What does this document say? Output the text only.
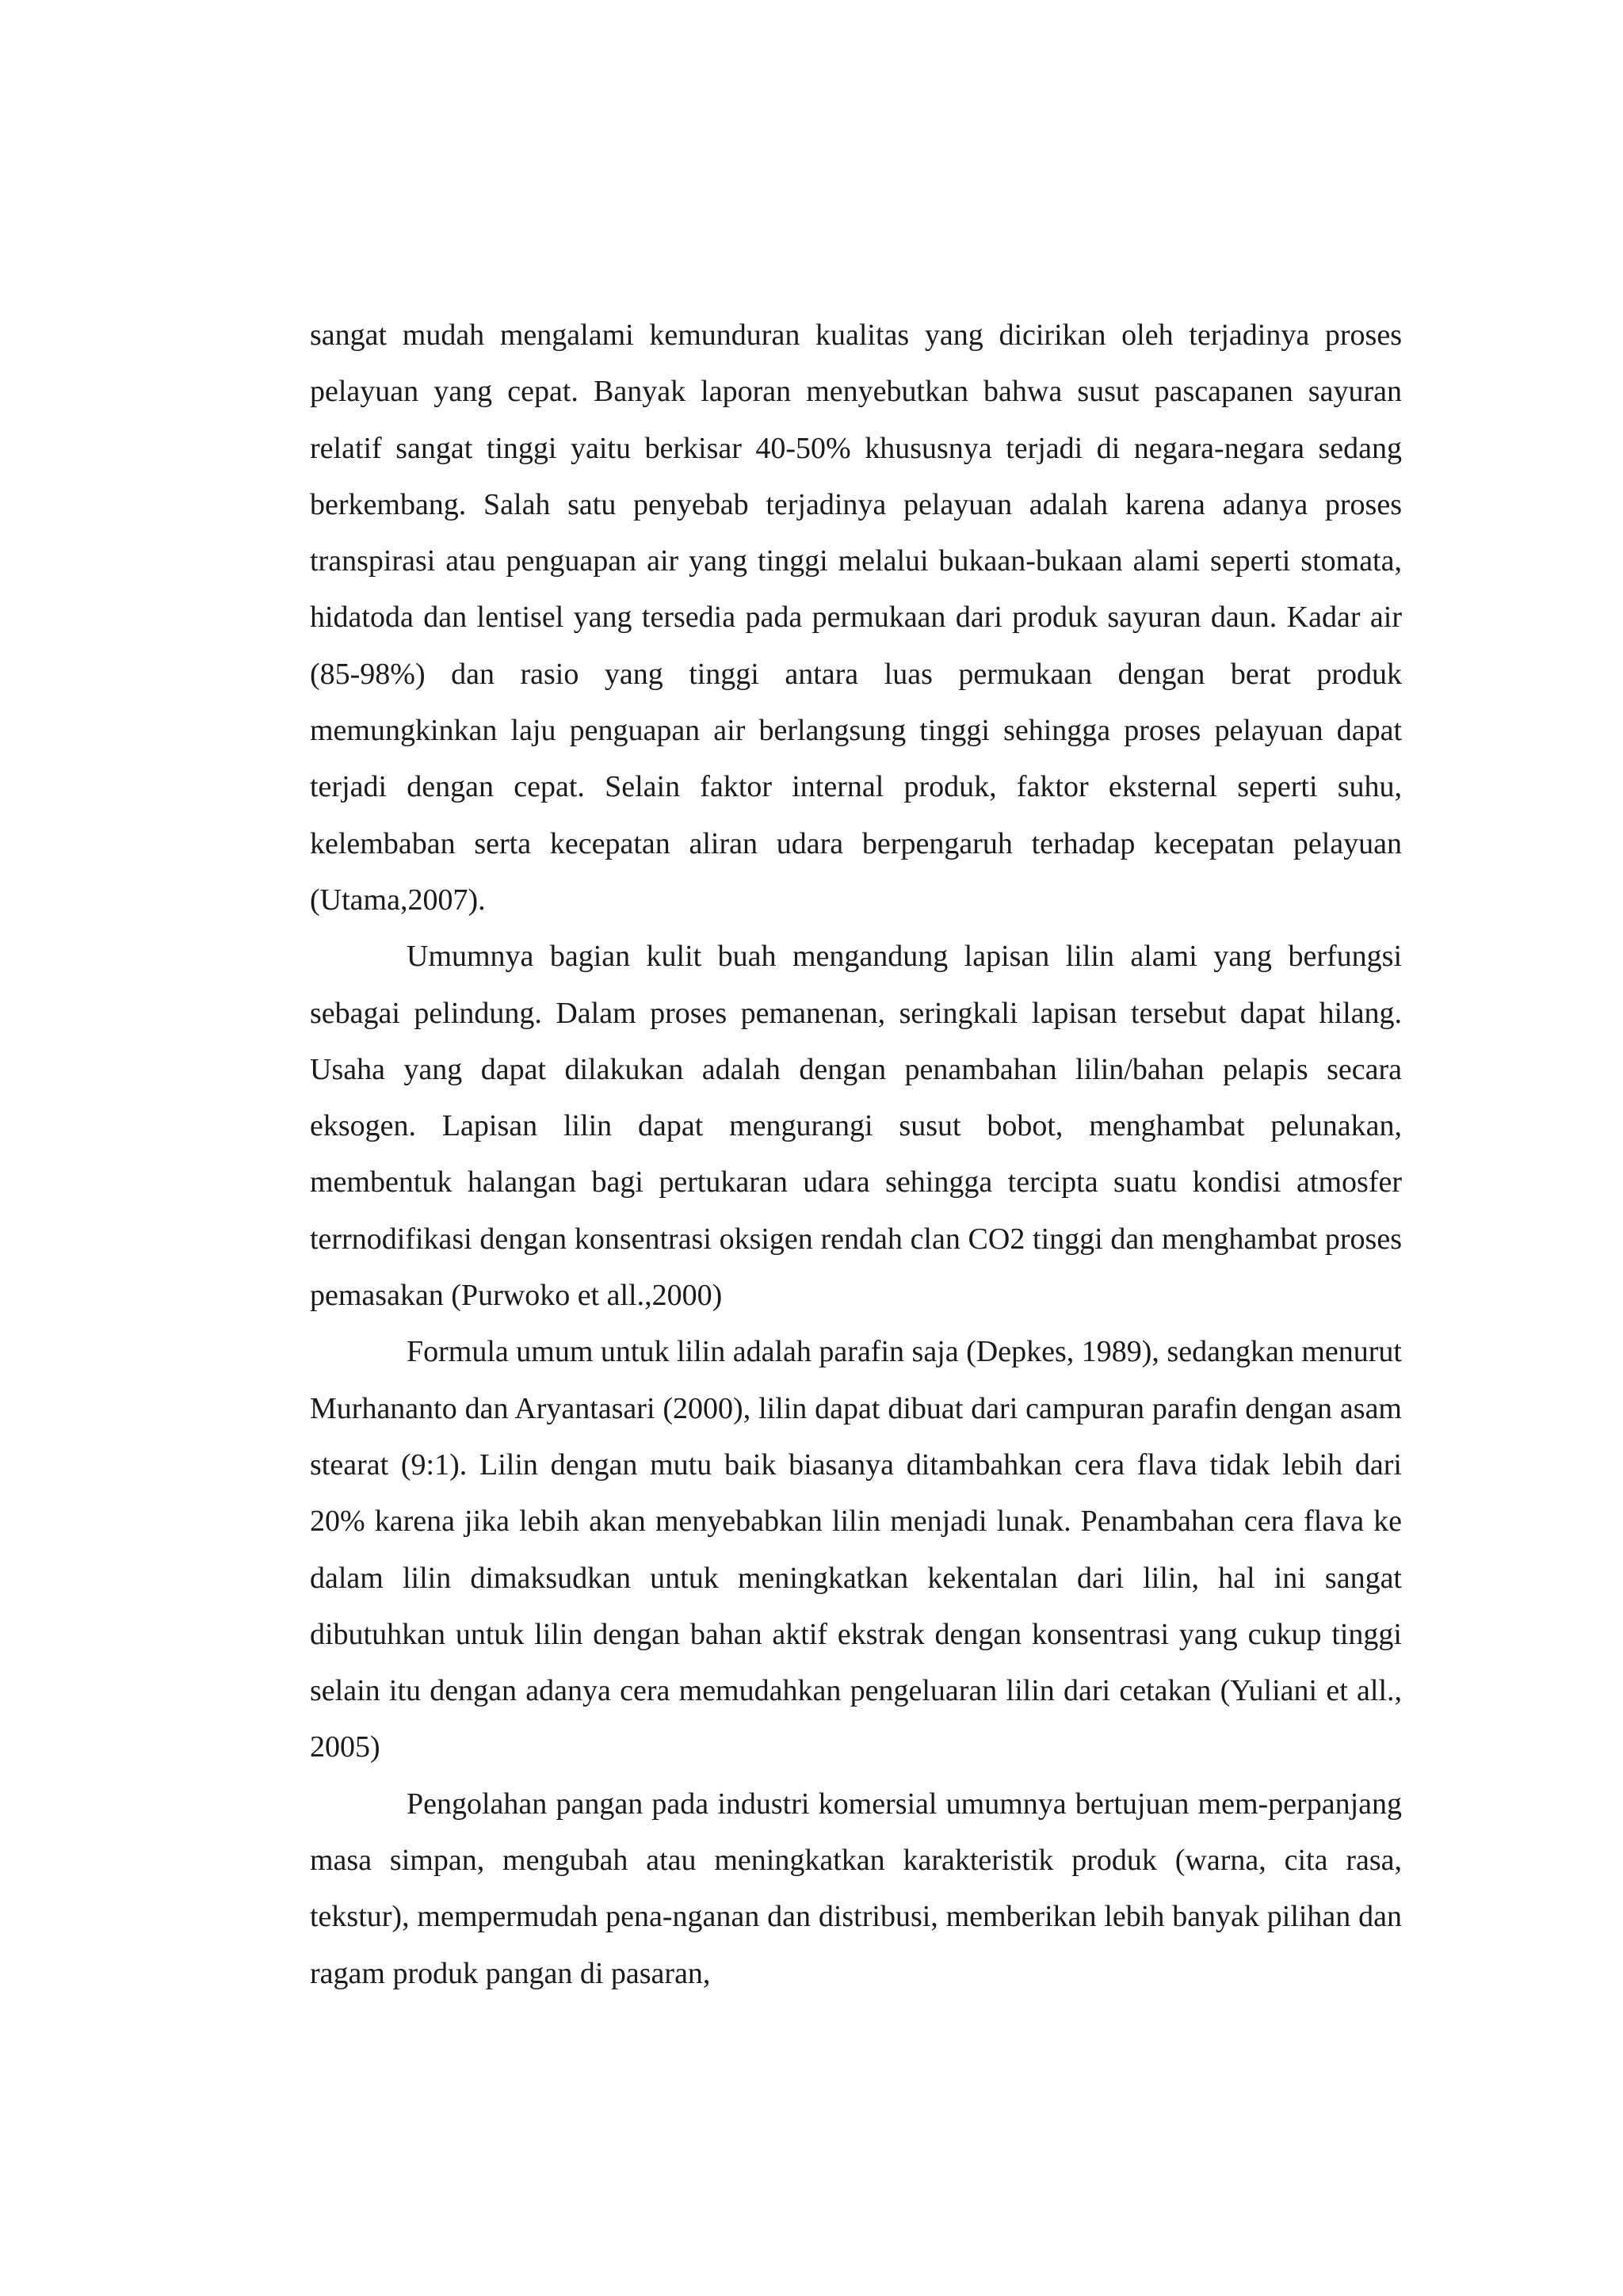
sangat mudah mengalami kemunduran kualitas yang dicirikan oleh terjadinya proses pelayuan yang cepat. Banyak laporan menyebutkan bahwa susut pascapanen sayuran relatif sangat tinggi yaitu berkisar 40-50% khususnya terjadi di negara-negara sedang berkembang. Salah satu penyebab terjadinya pelayuan adalah karena adanya proses transpirasi atau penguapan air yang tinggi melalui bukaan-bukaan alami seperti stomata, hidatoda dan lentisel yang tersedia pada permukaan dari produk sayuran daun. Kadar air (85-98%) dan rasio yang tinggi antara luas permukaan dengan berat produk memungkinkan laju penguapan air berlangsung tinggi sehingga proses pelayuan dapat terjadi dengan cepat. Selain faktor internal produk, faktor eksternal seperti suhu, kelembaban serta kecepatan aliran udara berpengaruh terhadap kecepatan pelayuan (Utama,2007).

Umumnya bagian kulit buah mengandung lapisan lilin alami yang berfungsi sebagai pelindung. Dalam proses pemanenan, seringkali lapisan tersebut dapat hilang. Usaha yang dapat dilakukan adalah dengan penambahan lilin/bahan pelapis secara eksogen. Lapisan lilin dapat mengurangi susut bobot, menghambat pelunakan, membentuk halangan bagi pertukaran udara sehingga tercipta suatu kondisi atmosfer terrnodifikasi dengan konsentrasi oksigen rendah clan CO2 tinggi dan menghambat proses pemasakan (Purwoko et all.,2000)

Formula umum untuk lilin adalah parafin saja (Depkes, 1989), sedangkan menurut Murhananto dan Aryantasari (2000), lilin dapat dibuat dari campuran parafin dengan asam stearat (9:1). Lilin dengan mutu baik biasanya ditambahkan cera flava tidak lebih dari 20% karena jika lebih akan menyebabkan lilin menjadi lunak. Penambahan cera flava ke dalam lilin dimaksudkan untuk meningkatkan kekentalan dari lilin, hal ini sangat dibutuhkan untuk lilin dengan bahan aktif ekstrak dengan konsentrasi yang cukup tinggi selain itu dengan adanya cera memudahkan pengeluaran lilin dari cetakan (Yuliani et all., 2005)

Pengolahan pangan pada industri komersial umumnya bertujuan mem-perpanjang masa simpan, mengubah atau meningkatkan karakteristik produk (warna, cita rasa, tekstur), mempermudah pena-nganan dan distribusi, memberikan lebih banyak pilihan dan ragam produk pangan di pasaran,
